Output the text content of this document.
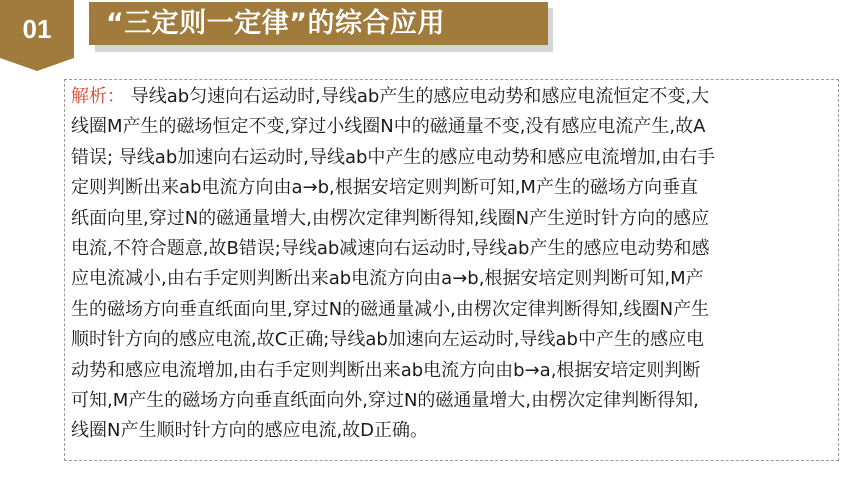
01	“三定则一定律”的综合应用

解析： 导线ab匀速向右运动时,导线ab产生的感应电动势和感应电流恒定不变,大
线圈M产生的磁场恒定不变,穿过小线圈N中的磁通量不变,没有感应电流产生,故A
错误; 导线ab加速向右运动时,导线ab中产生的感应电动势和感应电流增加,由右手
定则判断出来ab电流方向由a→b,根据安培定则判断可知,M产生的磁场方向垂直
纸面向里,穿过N的磁通量增大,由楞次定律判断得知,线圈N产生逆时针方向的感应
电流,不符合题意,故B错误;导线ab减速向右运动时,导线ab产生的感应电动势和感
应电流减小,由右手定则判断出来ab电流方向由a→b,根据安培定则判断可知,M产
生的磁场方向垂直纸面向里,穿过N的磁通量减小,由楞次定律判断得知,线圈N产生
顺时针方向的感应电流,故C正确;导线ab加速向左运动时,导线ab中产生的感应电
动势和感应电流增加,由右手定则判断出来ab电流方向由b→a,根据安培定则判断
可知,M产生的磁场方向垂直纸面向外,穿过N的磁通量增大,由楞次定律判断得知,
线圈N产生顺时针方向的感应电流,故D正确。
